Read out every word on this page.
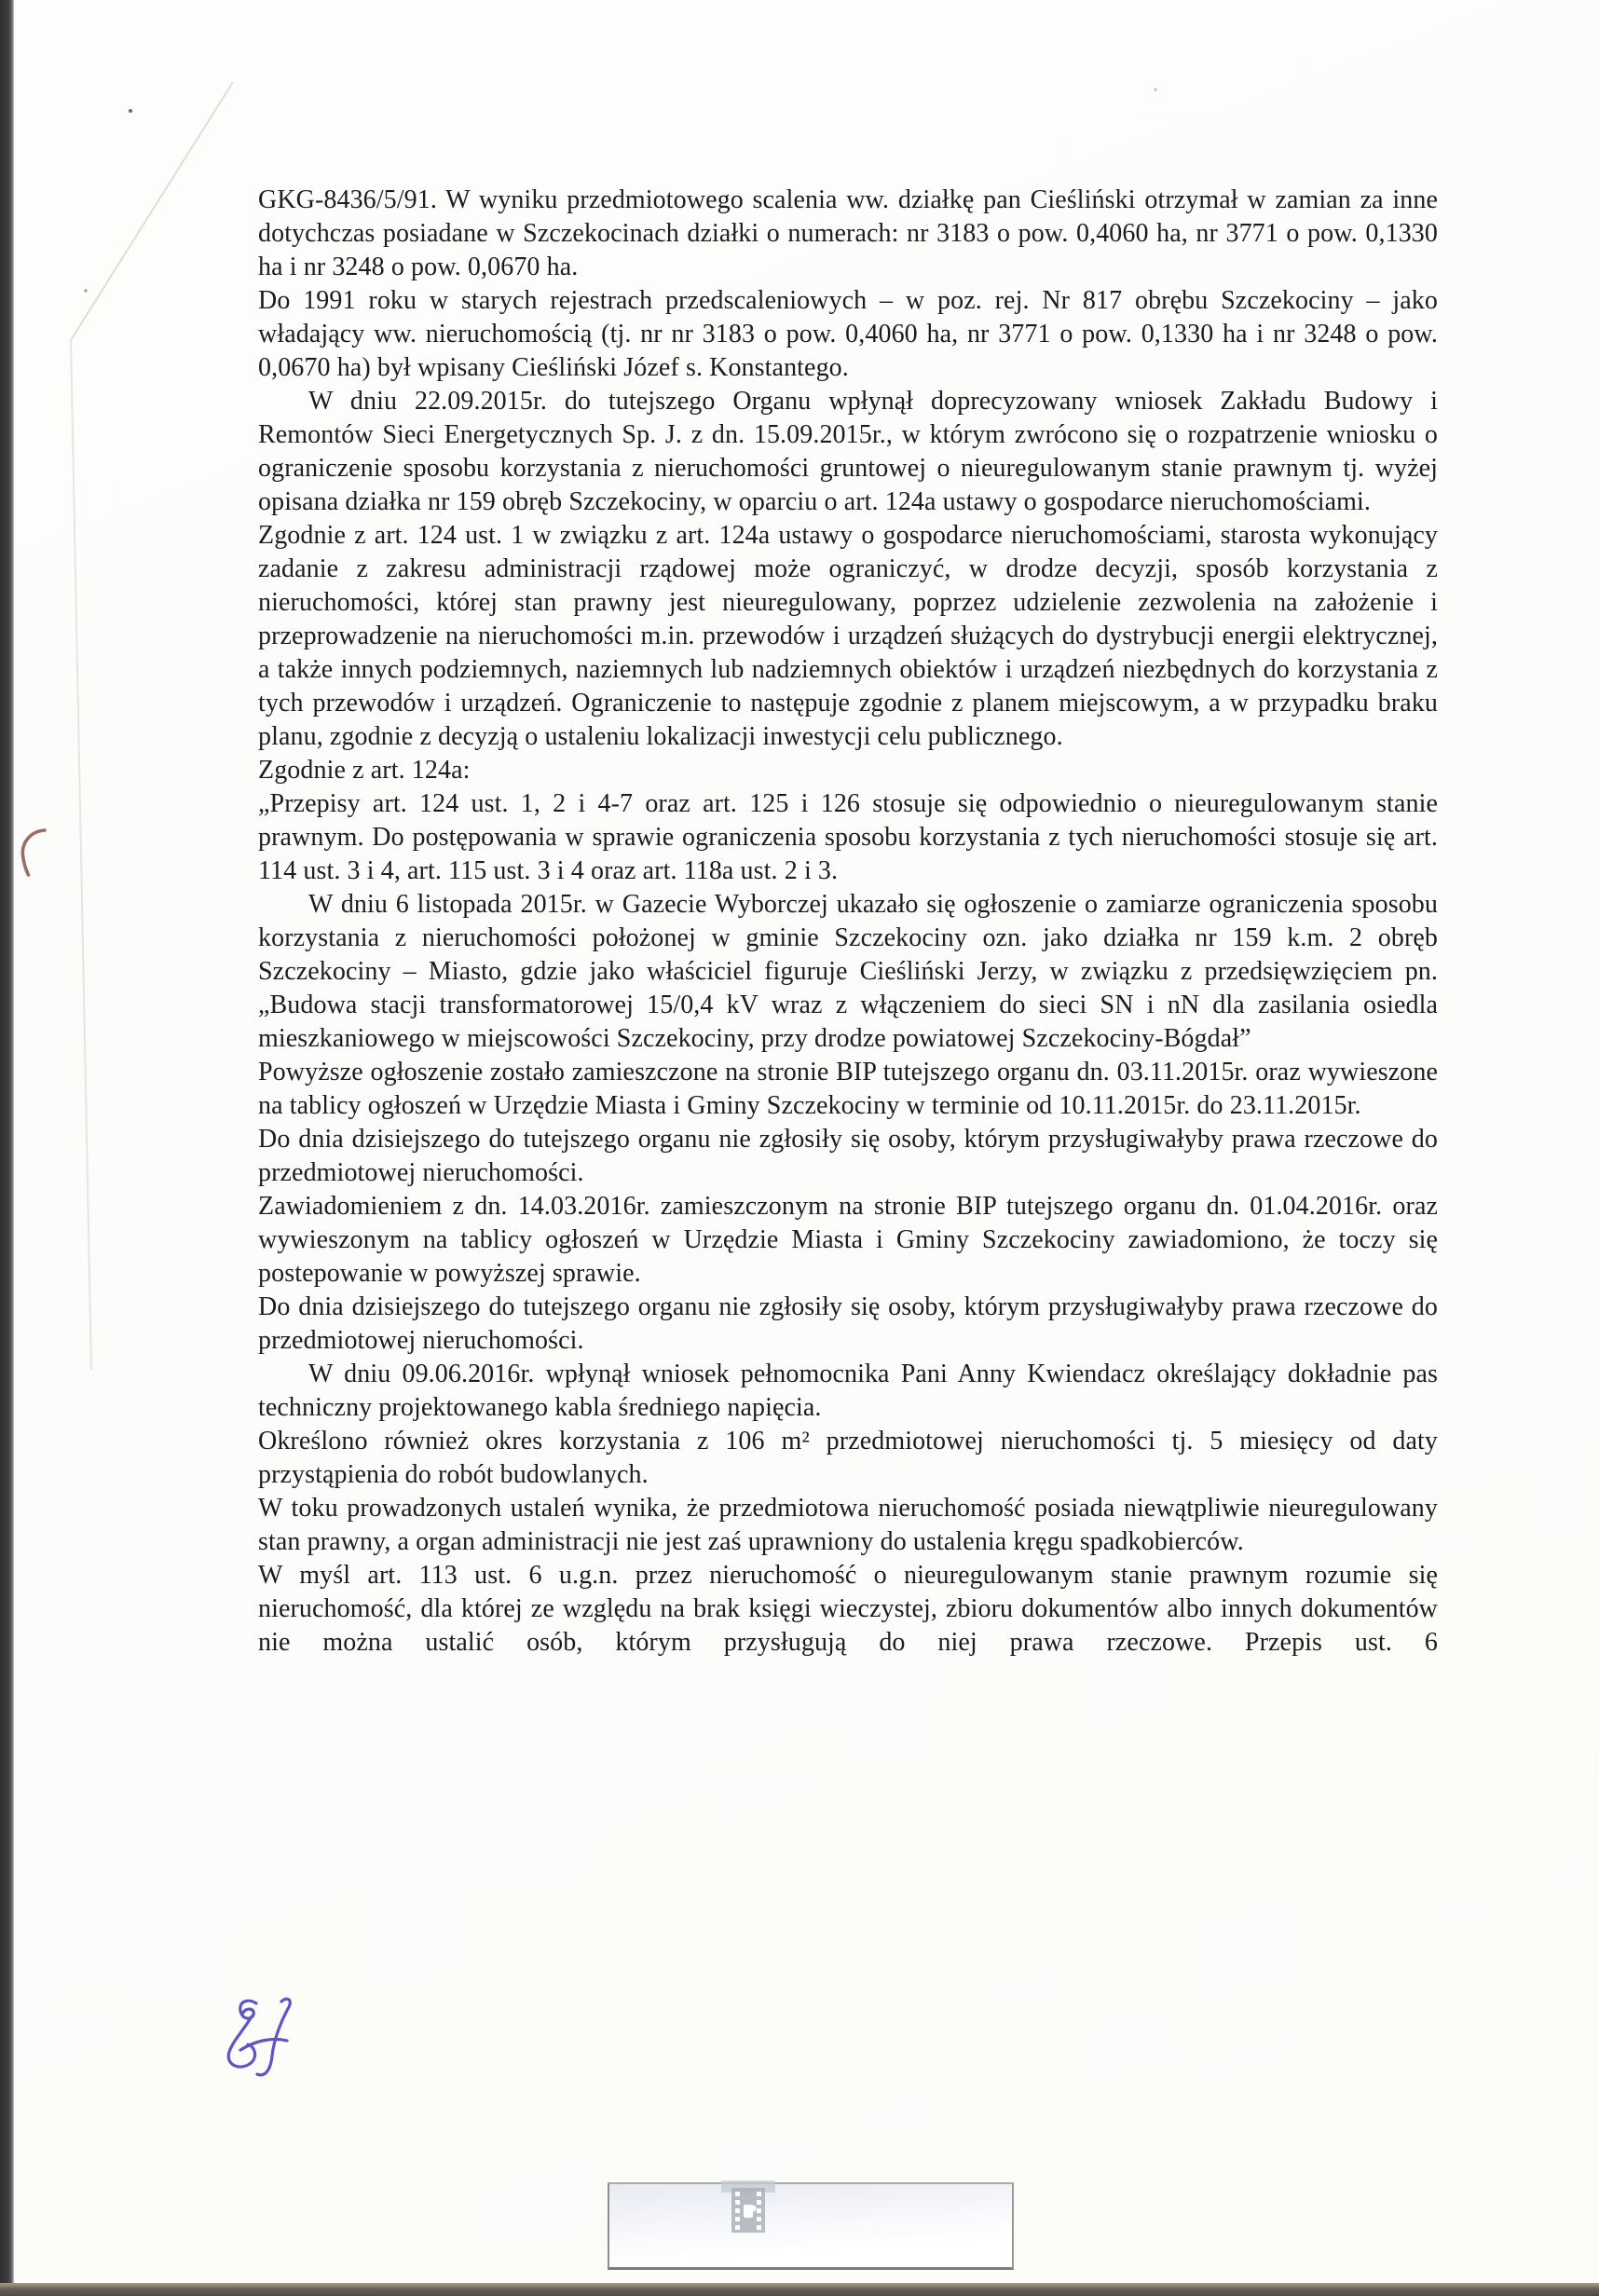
GKG-8436/5/91. W wyniku przedmiotowego scalenia ww. działkę pan Cieśliński otrzymał w zamian za inne dotychczas posiadane w Szczekocinach działki o numerach: nr 3183 o pow. 0,4060 ha, nr 3771 o pow. 0,1330 ha i nr 3248 o pow. 0,0670 ha.

Do 1991 roku w starych rejestrach przedscaleniowych – w poz. rej. Nr 817 obrębu Szczekociny – jako władający ww. nieruchomością (tj. nr nr 3183 o pow. 0,4060 ha, nr 3771 o pow. 0,1330 ha i nr 3248 o pow. 0,0670 ha) był wpisany Cieśliński Józef s. Konstantego.

W dniu 22.09.2015r. do tutejszego Organu wpłynął doprecyzowany wniosek Zakładu Budowy i Remontów Sieci Energetycznych Sp. J. z dn. 15.09.2015r., w którym zwrócono się o rozpatrzenie wniosku o ograniczenie sposobu korzystania z nieruchomości gruntowej o nieuregulowanym stanie prawnym tj. wyżej opisana działka nr 159 obręb Szczekociny, w oparciu o art. 124a ustawy o gospodarce nieruchomościami.

Zgodnie z art. 124 ust. 1 w związku z art. 124a ustawy o gospodarce nieruchomościami, starosta wykonujący zadanie z zakresu administracji rządowej może ograniczyć, w drodze decyzji, sposób korzystania z nieruchomości, której stan prawny jest nieuregulowany, poprzez udzielenie zezwolenia na założenie i przeprowadzenie na nieruchomości m.in. przewodów i urządzeń służących do dystrybucji energii elektrycznej, a także innych podziemnych, naziemnych lub nadziemnych obiektów i urządzeń niezbędnych do korzystania z tych przewodów i urządzeń. Ograniczenie to następuje zgodnie z planem miejscowym, a w przypadku braku planu, zgodnie z decyzją o ustaleniu lokalizacji inwestycji celu publicznego.

Zgodnie z art. 124a:

„Przepisy art. 124 ust. 1, 2 i 4-7 oraz art. 125 i 126 stosuje się odpowiednio o nieuregulowanym stanie prawnym. Do postępowania w sprawie ograniczenia sposobu korzystania z tych nieruchomości stosuje się art. 114 ust. 3 i 4, art. 115 ust. 3 i 4 oraz art. 118a ust. 2 i 3.

W dniu 6 listopada 2015r. w Gazecie Wyborczej ukazało się ogłoszenie o zamiarze ograniczenia sposobu korzystania z nieruchomości położonej w gminie Szczekociny ozn. jako działka nr 159 k.m. 2 obręb Szczekociny – Miasto, gdzie jako właściciel figuruje Cieśliński Jerzy, w związku z przedsięwzięciem pn. „Budowa stacji transformatorowej 15/0,4 kV wraz z włączeniem do sieci SN i nN dla zasilania osiedla mieszkaniowego w miejscowości Szczekociny, przy drodze powiatowej Szczekociny-Bógdał”

Powyższe ogłoszenie zostało zamieszczone na stronie BIP tutejszego organu dn. 03.11.2015r. oraz wywieszone na tablicy ogłoszeń w Urzędzie Miasta i Gminy Szczekociny w terminie od 10.11.2015r. do 23.11.2015r.

Do dnia dzisiejszego do tutejszego organu nie zgłosiły się osoby, którym przysługiwałyby prawa rzeczowe do przedmiotowej nieruchomości.

Zawiadomieniem z dn. 14.03.2016r. zamieszczonym na stronie BIP tutejszego organu dn. 01.04.2016r. oraz wywieszonym na tablicy ogłoszeń w Urzędzie Miasta i Gminy Szczekociny zawiadomiono, że toczy się postepowanie w powyższej sprawie.

Do dnia dzisiejszego do tutejszego organu nie zgłosiły się osoby, którym przysługiwałyby prawa rzeczowe do przedmiotowej nieruchomości.

W dniu 09.06.2016r. wpłynął wniosek pełnomocnika Pani Anny Kwiendacz określający dokładnie pas techniczny projektowanego kabla średniego napięcia.

Określono również okres korzystania z 106 m² przedmiotowej nieruchomości tj. 5 miesięcy od daty przystąpienia do robót budowlanych.

W toku prowadzonych ustaleń wynika, że przedmiotowa nieruchomość posiada niewątpliwie nieuregulowany stan prawny, a organ administracji nie jest zaś uprawniony do ustalenia kręgu spadkobierców.

W myśl art. 113 ust. 6 u.g.n. przez nieruchomość o nieuregulowanym stanie prawnym rozumie się nieruchomość, dla której ze względu na brak księgi wieczystej, zbioru dokumentów albo innych dokumentów nie można ustalić osób, którym przysługują do niej prawa rzeczowe. Przepis ust. 6
